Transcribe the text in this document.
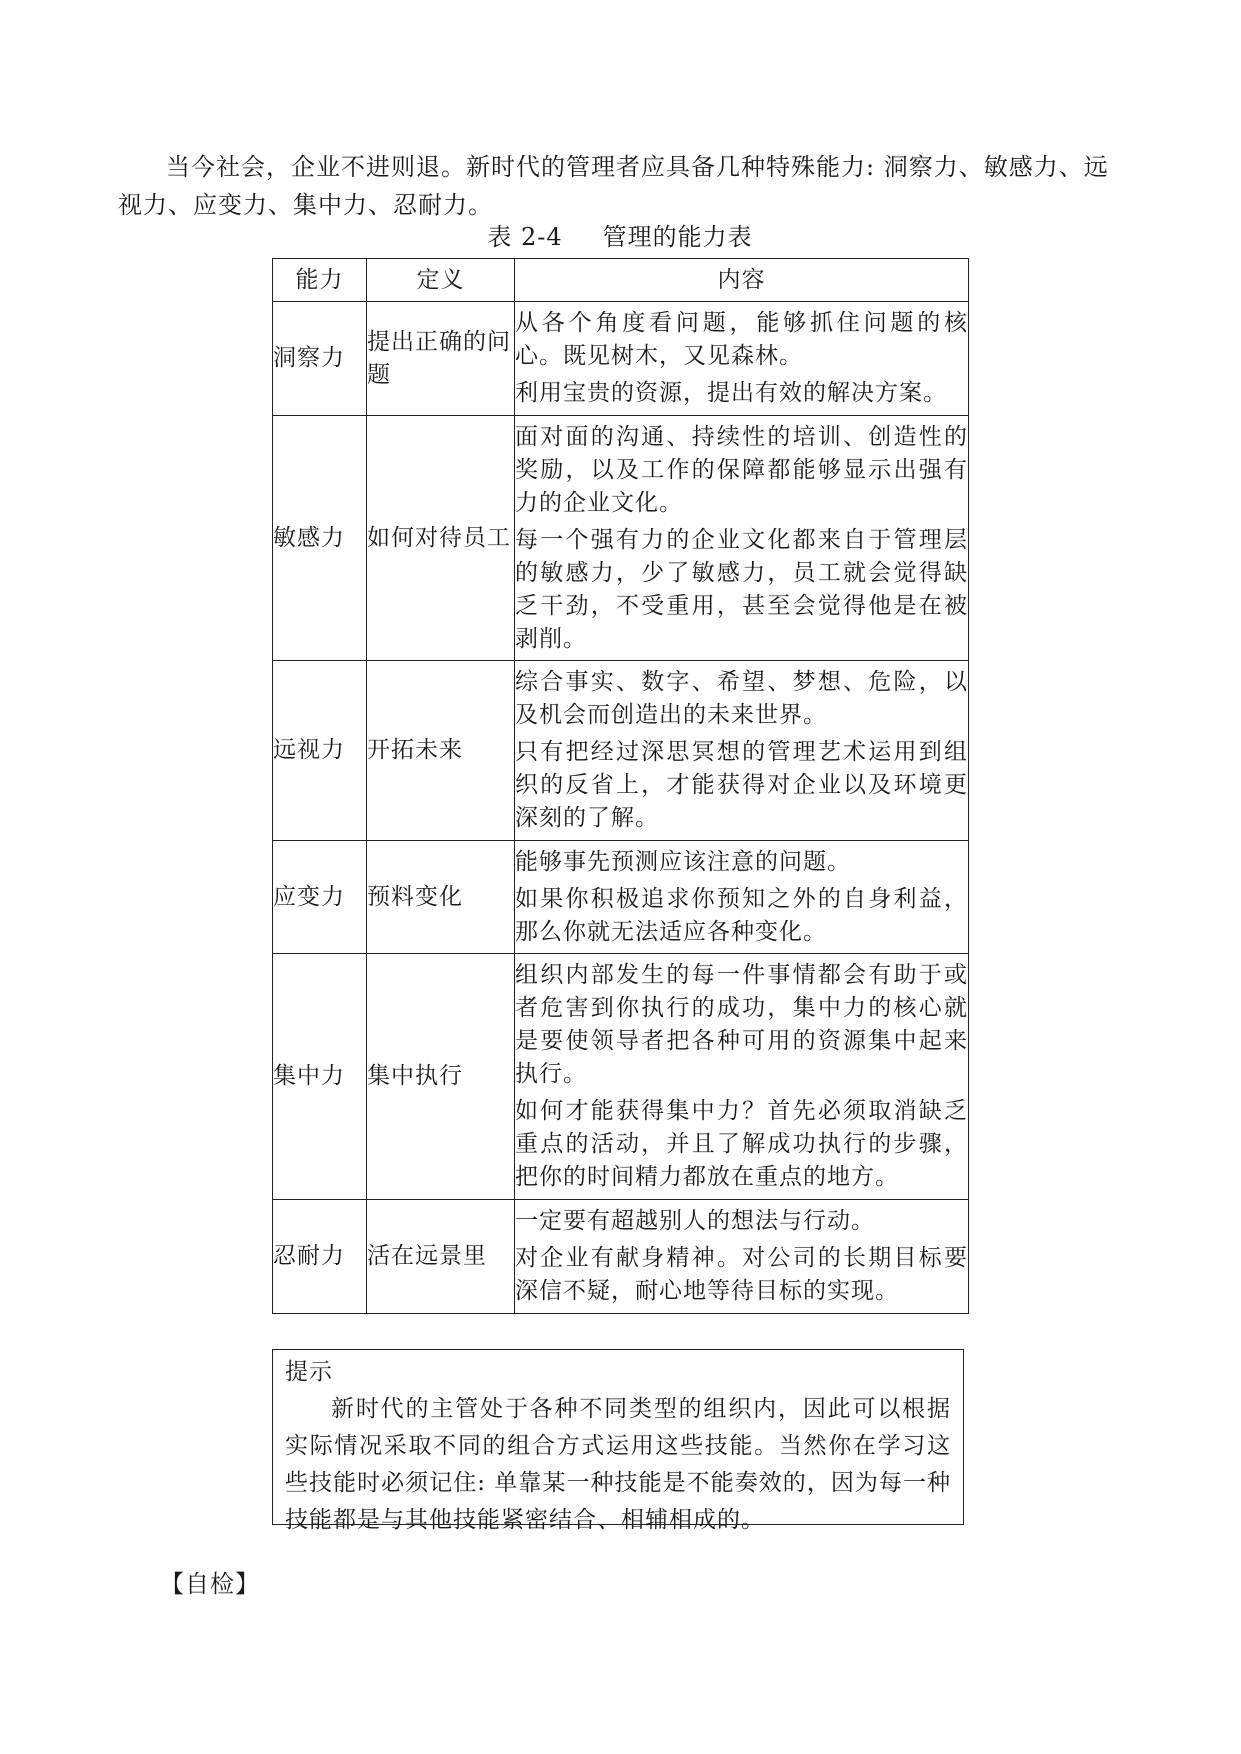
当今社会，企业不进则退。新时代的管理者应具备几种特殊能力: 洞察力、敏感力、远视力、应变力、集中力、忍耐力。

表 2-4 管理的能力表
能力	定义	内容
洞察力	提出正确的问题	从各个角度看问题，能够抓住问题的核心。既见树木，又见森林。

利用宝贵的资源，提出有效的解决方案。

敏感力	如何对待员工	面对面的沟通、持续性的培训、创造性的奖励，以及工作的保障都能够显示出强有力的企业文化。

每一个强有力的企业文化都来自于管理层的敏感力，少了敏感力，员工就会觉得缺乏干劲，不受重用，甚至会觉得他是在被剥削。

远视力	开拓未来	综合事实、数字、希望、梦想、危险，以及机会而创造出的未来世界。

只有把经过深思冥想的管理艺术运用到组织的反省上，才能获得对企业以及环境更深刻的了解。

应变力	预料变化	能够事先预测应该注意的问题。

如果你积极追求你预知之外的自身利益，那么你就无法适应各种变化。

集中力	集中执行	组织内部发生的每一件事情都会有助于或者危害到你执行的成功，集中力的核心就是要使领导者把各种可用的资源集中起来执行。

如何才能获得集中力？首先必须取消缺乏重点的活动，并且了解成功执行的步骤，把你的时间精力都放在重点的地方。

忍耐力	活在远景里	一定要有超越别人的想法与行动。

对企业有献身精神。对公司的长期目标要深信不疑，耐心地等待目标的实现。

提示

新时代的主管处于各种不同类型的组织内，因此可以根据实际情况采取不同的组合方式运用这些技能。当然你在学习这些技能时必须记住: 单靠某一种技能是不能奏效的，因为每一种技能都是与其他技能紧密结合、相辅相成的。

【自检】
